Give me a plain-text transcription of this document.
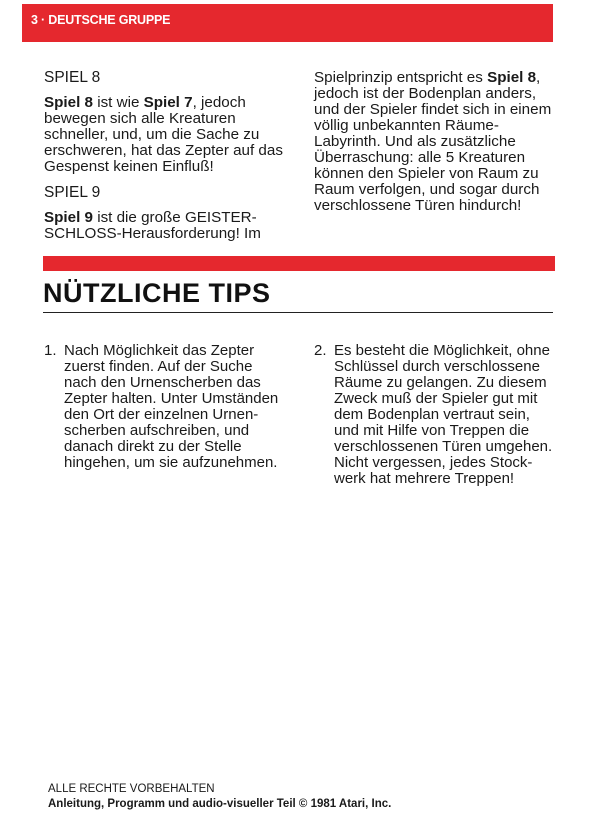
3 · DEUTSCHE GRUPPE

SPIEL 8

Spiel 8 ist wie Spiel 7, jedoch
bewegen sich alle Kreaturen
schneller, und, um die Sache zu
erschweren, hat das Zepter auf das
Gespenst keinen Einfluß!

SPIEL 9

Spiel 9 ist die große GEISTER-
SCHLOSS-Herausforderung! Im
Spielprinzip entspricht es Spiel 8,
jedoch ist der Bodenplan anders,
und der Spieler findet sich in einem
völlig unbekannten Räume-
Labyrinth. Und als zusätzliche
Überraschung: alle 5 Kreaturen
können den Spieler von Raum zu
Raum verfolgen, und sogar durch
verschlossene Türen hindurch!
NÜTZLICHE TIPS
1. Nach Möglichkeit das Zepter
zuerst finden. Auf der Suche
nach den Urnenscherben das
Zepter halten. Unter Umständen
den Ort der einzelnen Urnen-
scherben aufschreiben, und
danach direkt zu der Stelle
hingehen, um sie aufzunehmen.
2. Es besteht die Möglichkeit, ohne
Schlüssel durch verschlossene
Räume zu gelangen. Zu diesem
Zweck muß der Spieler gut mit
dem Bodenplan vertraut sein,
und mit Hilfe von Treppen die
verschlossenen Türen umgehen.
Nicht vergessen, jedes Stock-
werk hat mehrere Treppen!
ALLE RECHTE VORBEHALTEN
Anleitung, Programm und audio-visueller Teil © 1981 Atari, Inc.
